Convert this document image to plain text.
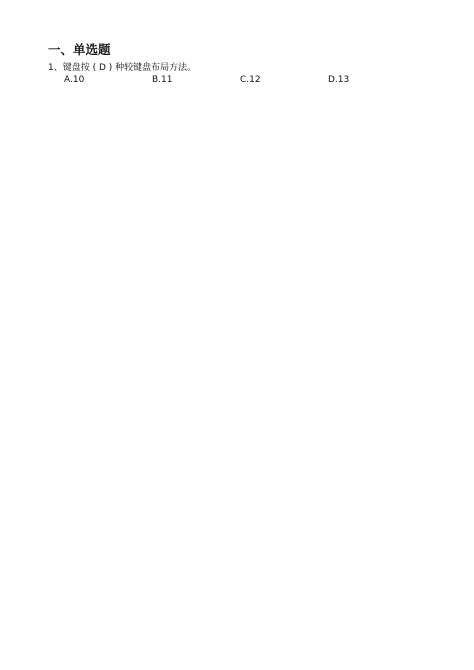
一、单选题
1、键盘按 ( D ) 种较键盘布局方法。
A.10	B.11	C.12	D.13
